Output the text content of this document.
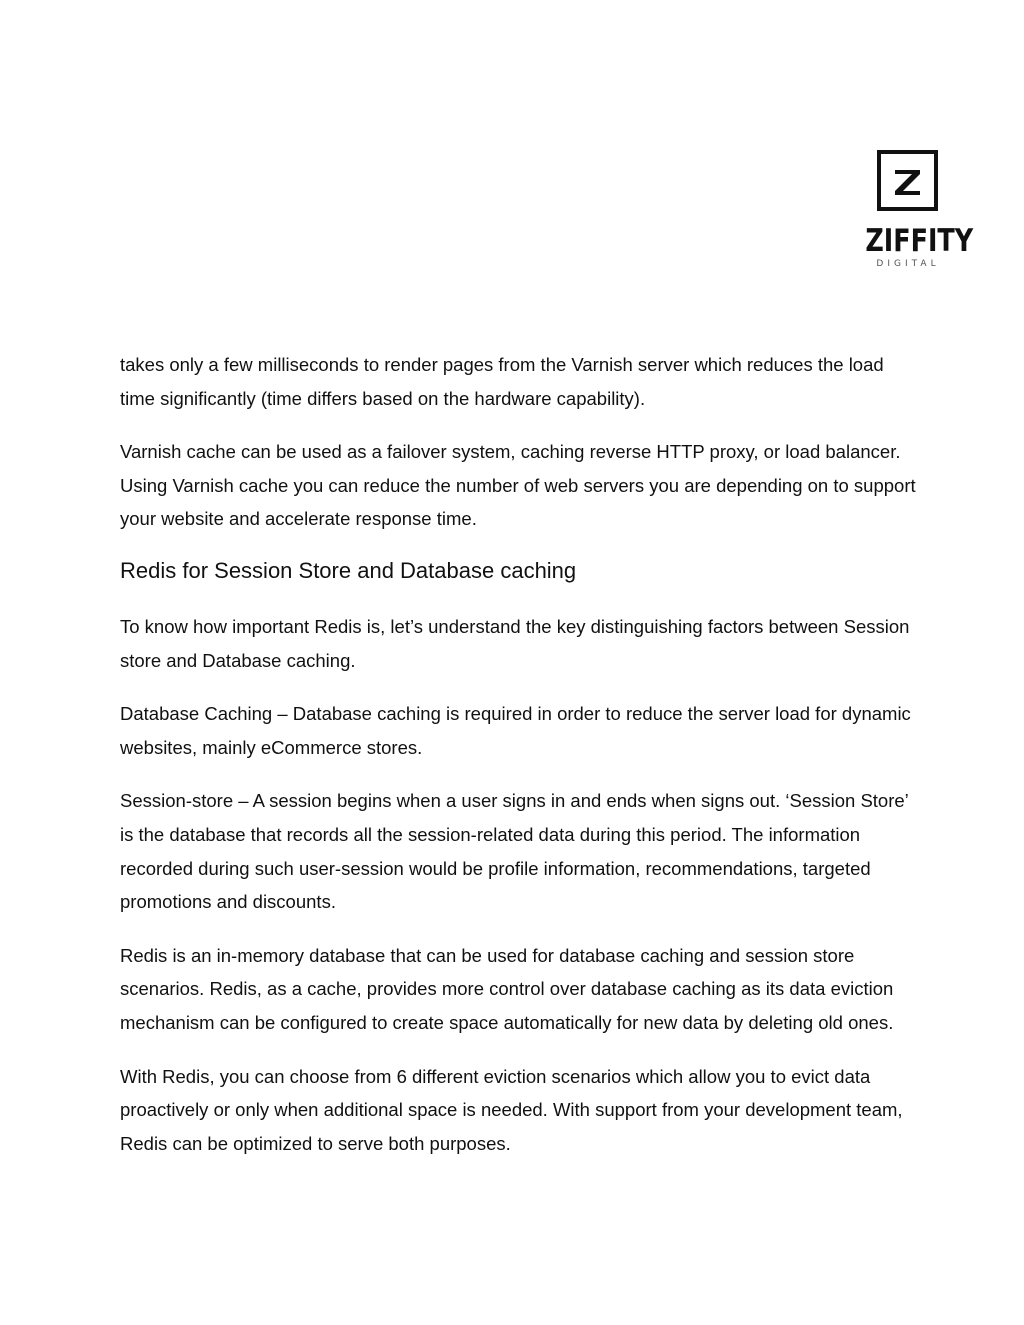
ZIFFITY
DIGITAL

takes only a few milliseconds to render pages from the Varnish server which reduces the load time significantly (time differs based on the hardware capability).

Varnish cache can be used as a failover system, caching reverse HTTP proxy, or load balancer. Using Varnish cache you can reduce the number of web servers you are depending on to support your website and accelerate response time.

Redis for Session Store and Database caching

To know how important Redis is, let’s understand the key distinguishing factors between Session store and Database caching.

Database Caching – Database caching is required in order to reduce the server load for dynamic websites, mainly eCommerce stores.

Session-store – A session begins when a user signs in and ends when signs out. ‘Session Store’ is the database that records all the session-related data during this period. The information recorded during such user-session would be profile information, recommendations, targeted promotions and discounts.

Redis is an in-memory database that can be used for database caching and session store scenarios. Redis, as a cache, provides more control over database caching as its data eviction mechanism can be configured to create space automatically for new data by deleting old ones.

With Redis, you can choose from 6 different eviction scenarios which allow you to evict data proactively or only when additional space is needed. With support from your development team, Redis can be optimized to serve both purposes.
